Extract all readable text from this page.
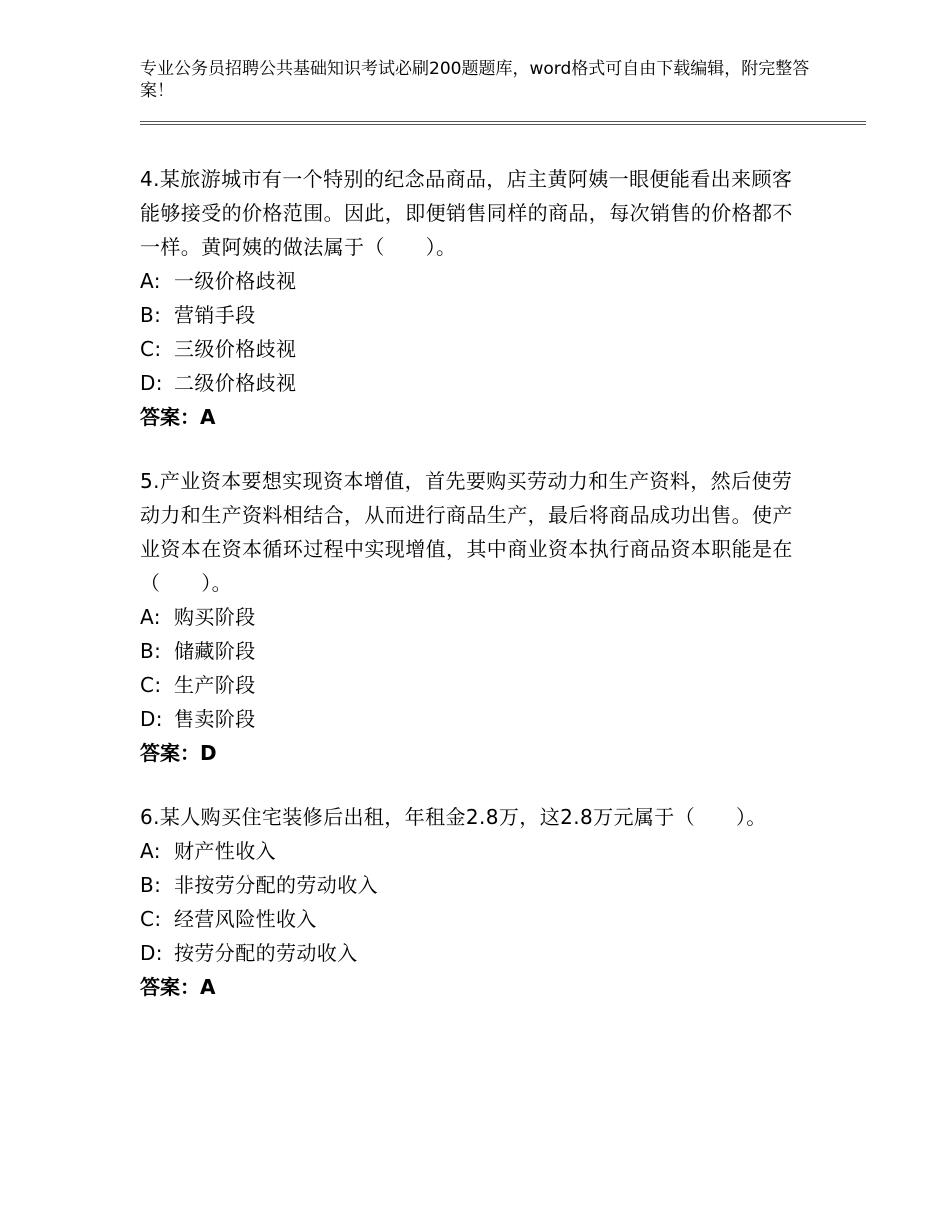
专业公务员招聘公共基础知识考试必刷200题题库，word格式可自由下载编辑，附完整答案！

4.某旅游城市有一个特别的纪念品商品，店主黄阿姨一眼便能看出来顾客能够接受的价格范围。因此，即便销售同样的商品，每次销售的价格都不一样。黄阿姨的做法属于（　　）。

A: 一级价格歧视

B: 营销手段

C: 三级价格歧视

D: 二级价格歧视

答案：A

5.产业资本要想实现资本增值，首先要购买劳动力和生产资料，然后使劳动力和生产资料相结合，从而进行商品生产，最后将商品成功出售。使产业资本在资本循环过程中实现增值，其中商业资本执行商品资本职能是在（　　）。

A: 购买阶段

B: 储藏阶段

C: 生产阶段

D: 售卖阶段

答案：D

6.某人购买住宅装修后出租，年租金2.8万，这2.8万元属于（　　）。

A: 财产性收入

B: 非按劳分配的劳动收入

C: 经营风险性收入

D: 按劳分配的劳动收入

答案：A
